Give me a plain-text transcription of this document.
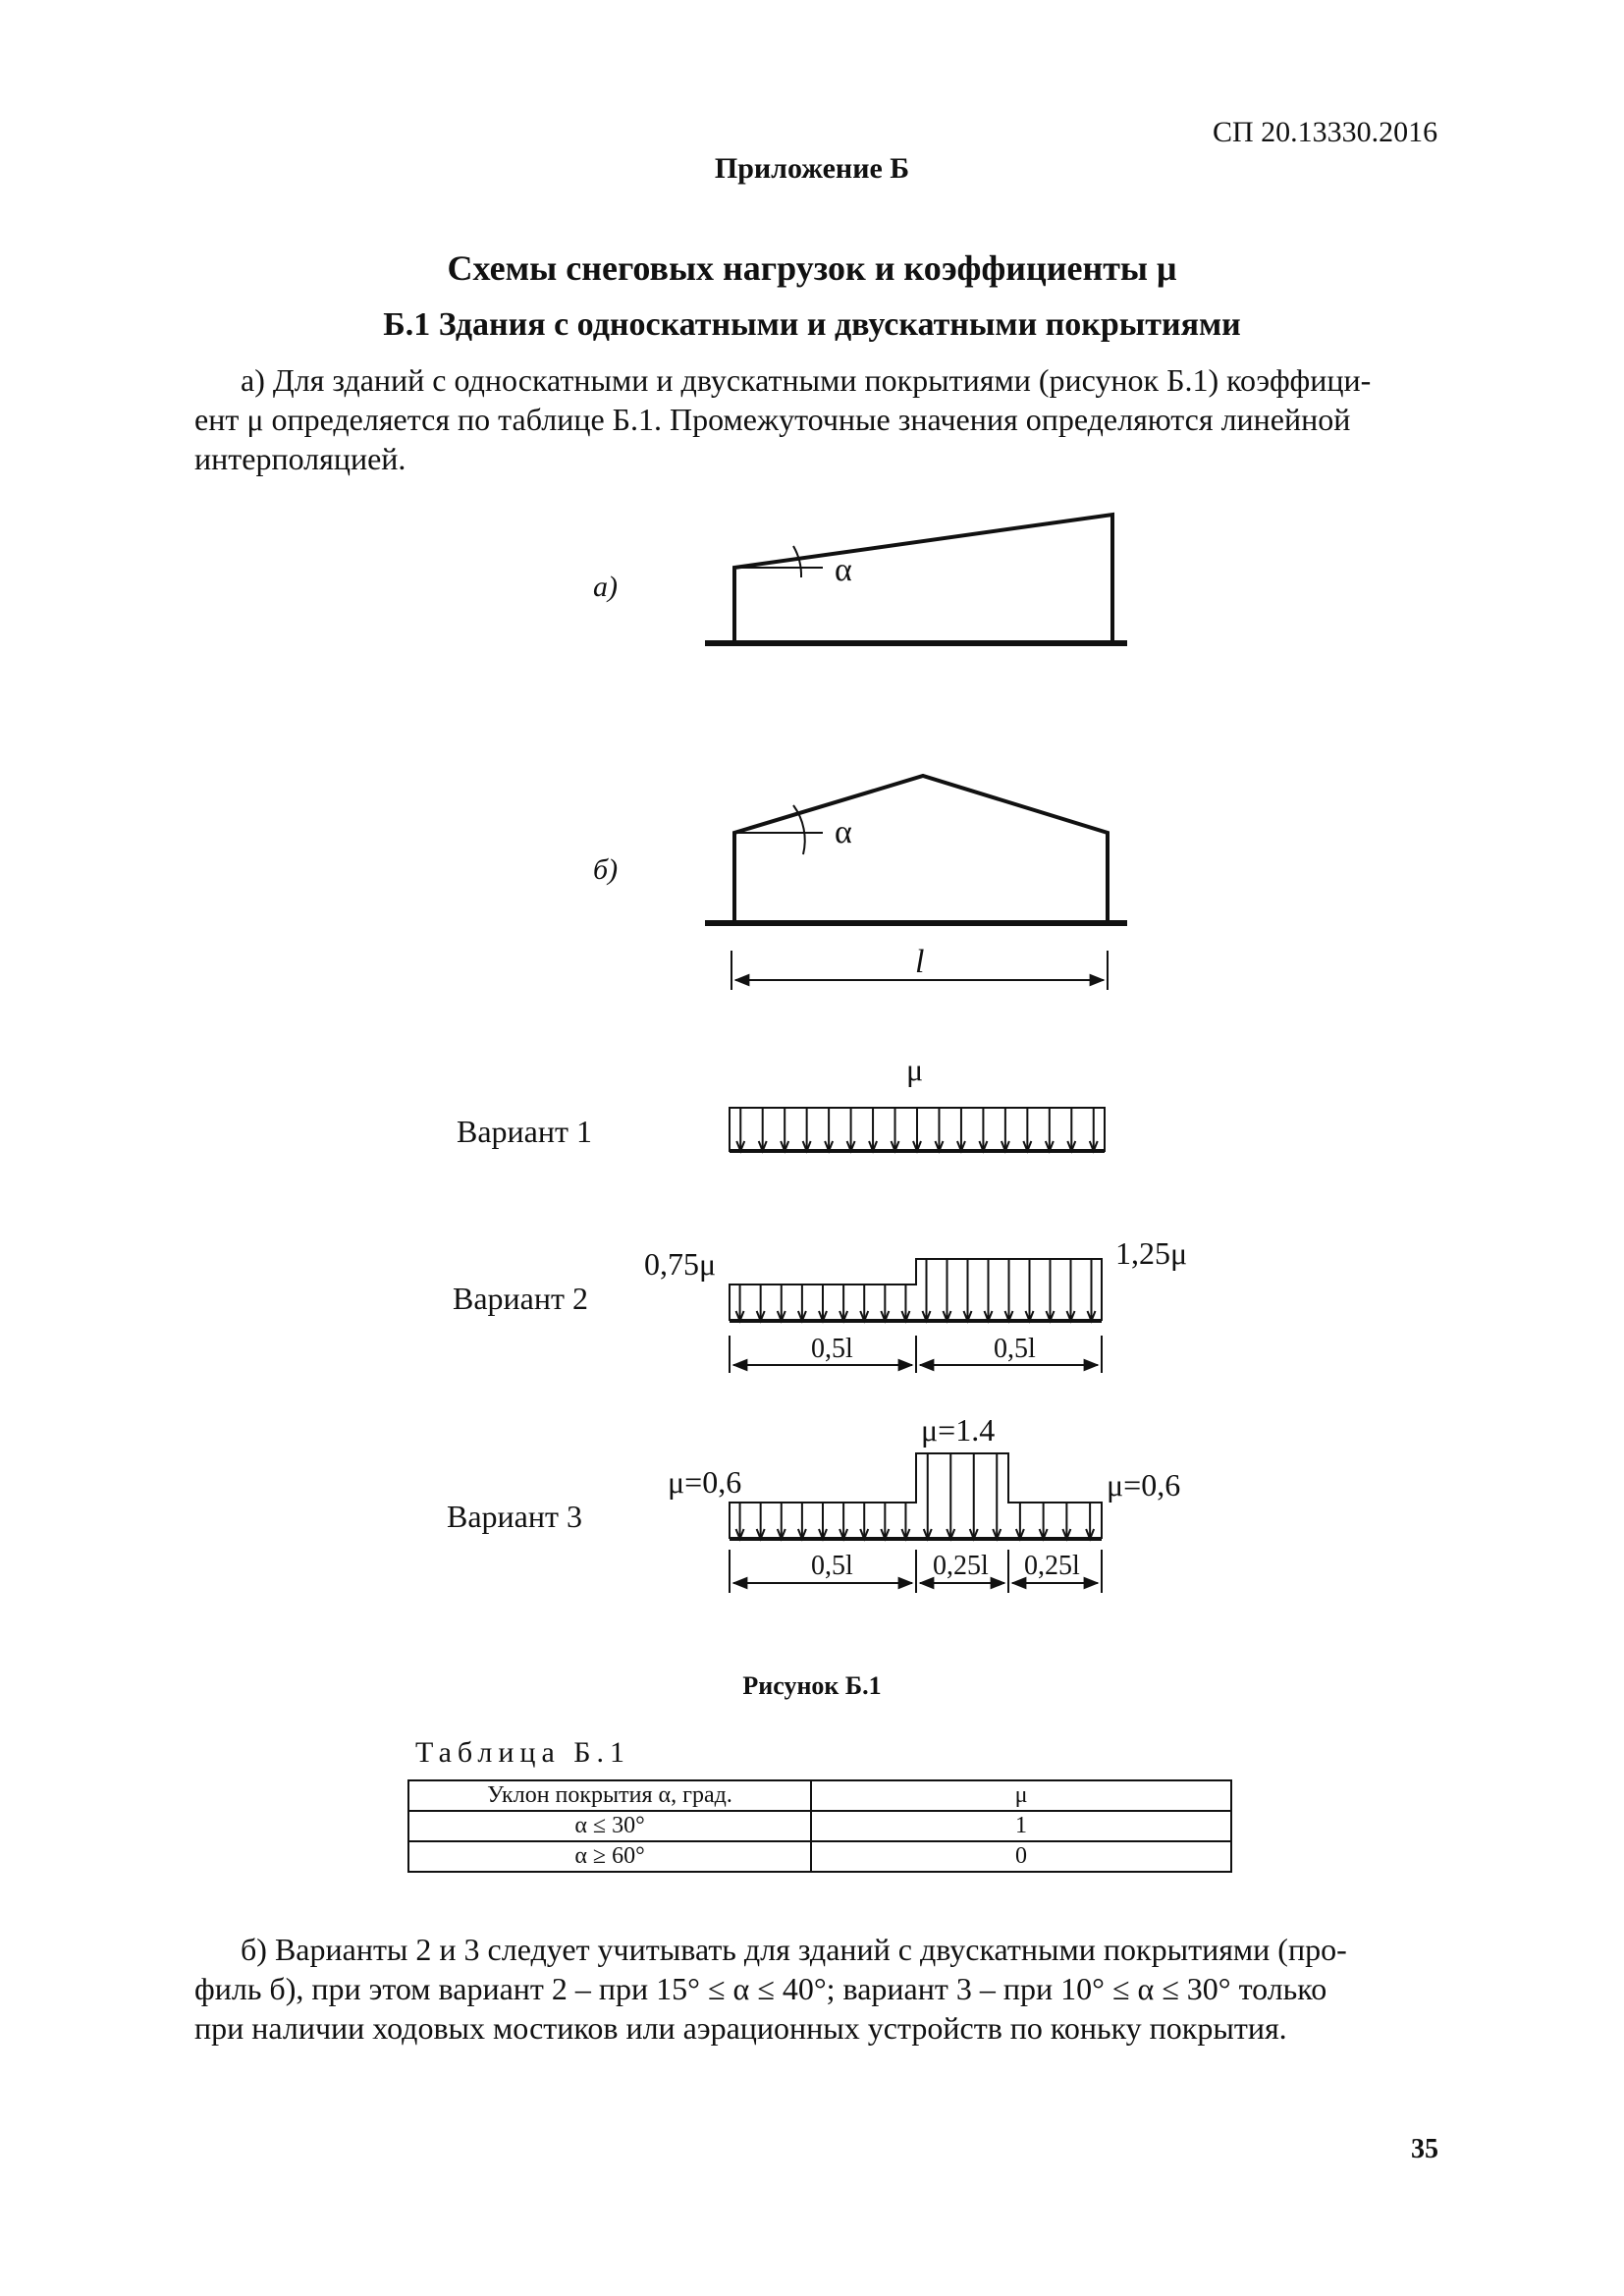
СП 20.13330.2016
Приложение Б
Схемы снеговых нагрузок и коэффициенты μ
Б.1 Здания с односкатными и двускатными покрытиями
а) Для зданий с односкатными и двускатными покрытиями (рисунок Б.1) коэффици-
ент μ определяется по таблице Б.1. Промежуточные значения определяются линейной
интерполяцией.
а)	α
б)
α
l
Вариант 1
μ
Вариант 2
0,75μ	1,25μ
0,5l	0,5l
Вариант 3
μ=0,6
μ=1.4
μ=0,6
0,5l	0,25l 0,25l
Рисунок Б.1
Таблица Б.1
Уклон покрытия α, град.	μ
α ≤ 30°	1
α ≥ 60°	0
б) Варианты 2 и 3 следует учитывать для зданий с двускатными покрытиями (про-
филь б), при этом вариант 2 – при 15° ≤ α ≤ 40°; вариант 3 – при 10° ≤ α ≤ 30° только
при наличии ходовых мостиков или аэрационных устройств по коньку покрытия.
35
